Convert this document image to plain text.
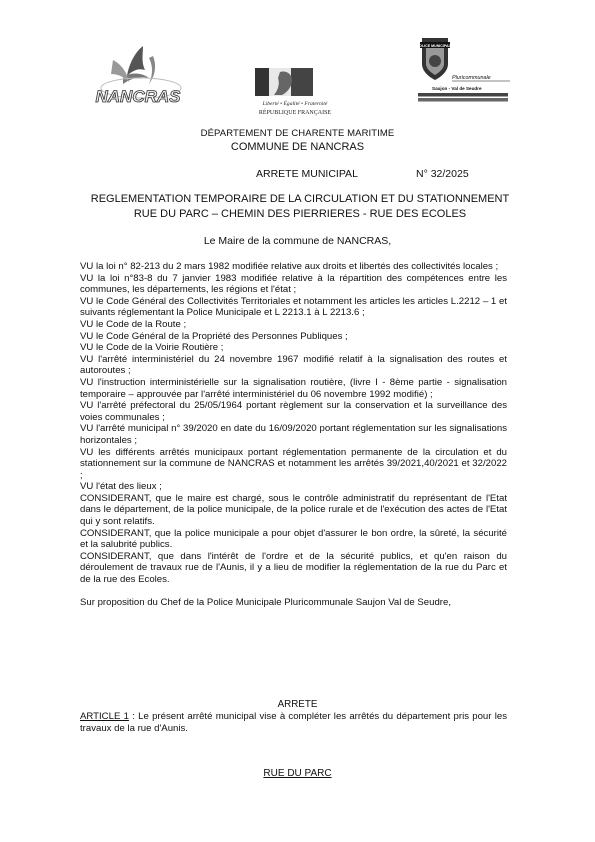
NANCRAS	Liberté • Égalité • Fraternité
RÉPUBLIQUE FRANÇAISE
POLICE MUNICIPALE
Pluricommunale
Saujon - Val de Seudre
DÉPARTEMENT DE CHARENTE MARITIME
COMMUNE DE NANCRAS
ARRETE MUNICIPAL	N° 32/2025
REGLEMENTATION TEMPORAIRE DE LA CIRCULATION ET DU STATIONNEMENT
RUE DU PARC – CHEMIN DES PIERRIERES - RUE DES ECOLES
Le Maire de la commune de NANCRAS,

VU la loi n° 82-213 du 2 mars 1982 modifiée relative aux droits et libertés des collectivités locales ;

VU la loi n°83-8 du 7 janvier 1983 modifiée relative à la répartition des compétences entre les communes, les départements, les régions et l'état ;

VU le Code Général des Collectivités Territoriales et notamment les articles les articles L.2212 – 1 et suivants réglementant la Police Municipale et L 2213.1 à L 2213.6 ;

VU le Code de la Route ;

VU le Code Général de la Propriété des Personnes Publiques ;

VU le Code de la Voirie Routière ;

VU l'arrêté interministériel du 24 novembre 1967 modifié relatif à la signalisation des routes et autoroutes ;

VU l'instruction interministérielle sur la signalisation routière, (livre I - 8ème partie - signalisation temporaire – approuvée par l'arrêté interministériel du 06 novembre 1992 modifié) ;

VU l'arrêté préfectoral du 25/05/1964 portant règlement sur la conservation et la surveillance des voies communales ;

VU l'arrêté municipal n° 39/2020 en date du 16/09/2020 portant réglementation sur les signalisations horizontales ;

VU les différents arrêtés municipaux portant réglementation permanente de la circulation et du stationnement sur la commune de NANCRAS et notamment les arrêtés 39/2021,40/2021 et 32/2022 ;

VU l'état des lieux ;

CONSIDERANT, que le maire est chargé, sous le contrôle administratif du représentant de l'Etat dans le département, de la police municipale, de la police rurale et de l'exécution des actes de l'Etat qui y sont relatifs.

CONSIDERANT, que la police municipale a pour objet d'assurer le bon ordre, la sûreté, la sécurité et la salubrité publics.

CONSIDERANT, que dans l'intérêt de l'ordre et de la sécurité publics, et qu'en raison du déroulement de travaux rue de l'Aunis, il y a lieu de modifier la réglementation de la rue du Parc et de la rue des Ecoles.

Sur proposition du Chef de la Police Municipale Pluricommunale Saujon Val de Seudre,

ARRETE
ARTICLE 1 : Le présent arrêté municipal vise à compléter les arrêtés du département pris pour les travaux de la rue d'Aunis.
RUE DU PARC
